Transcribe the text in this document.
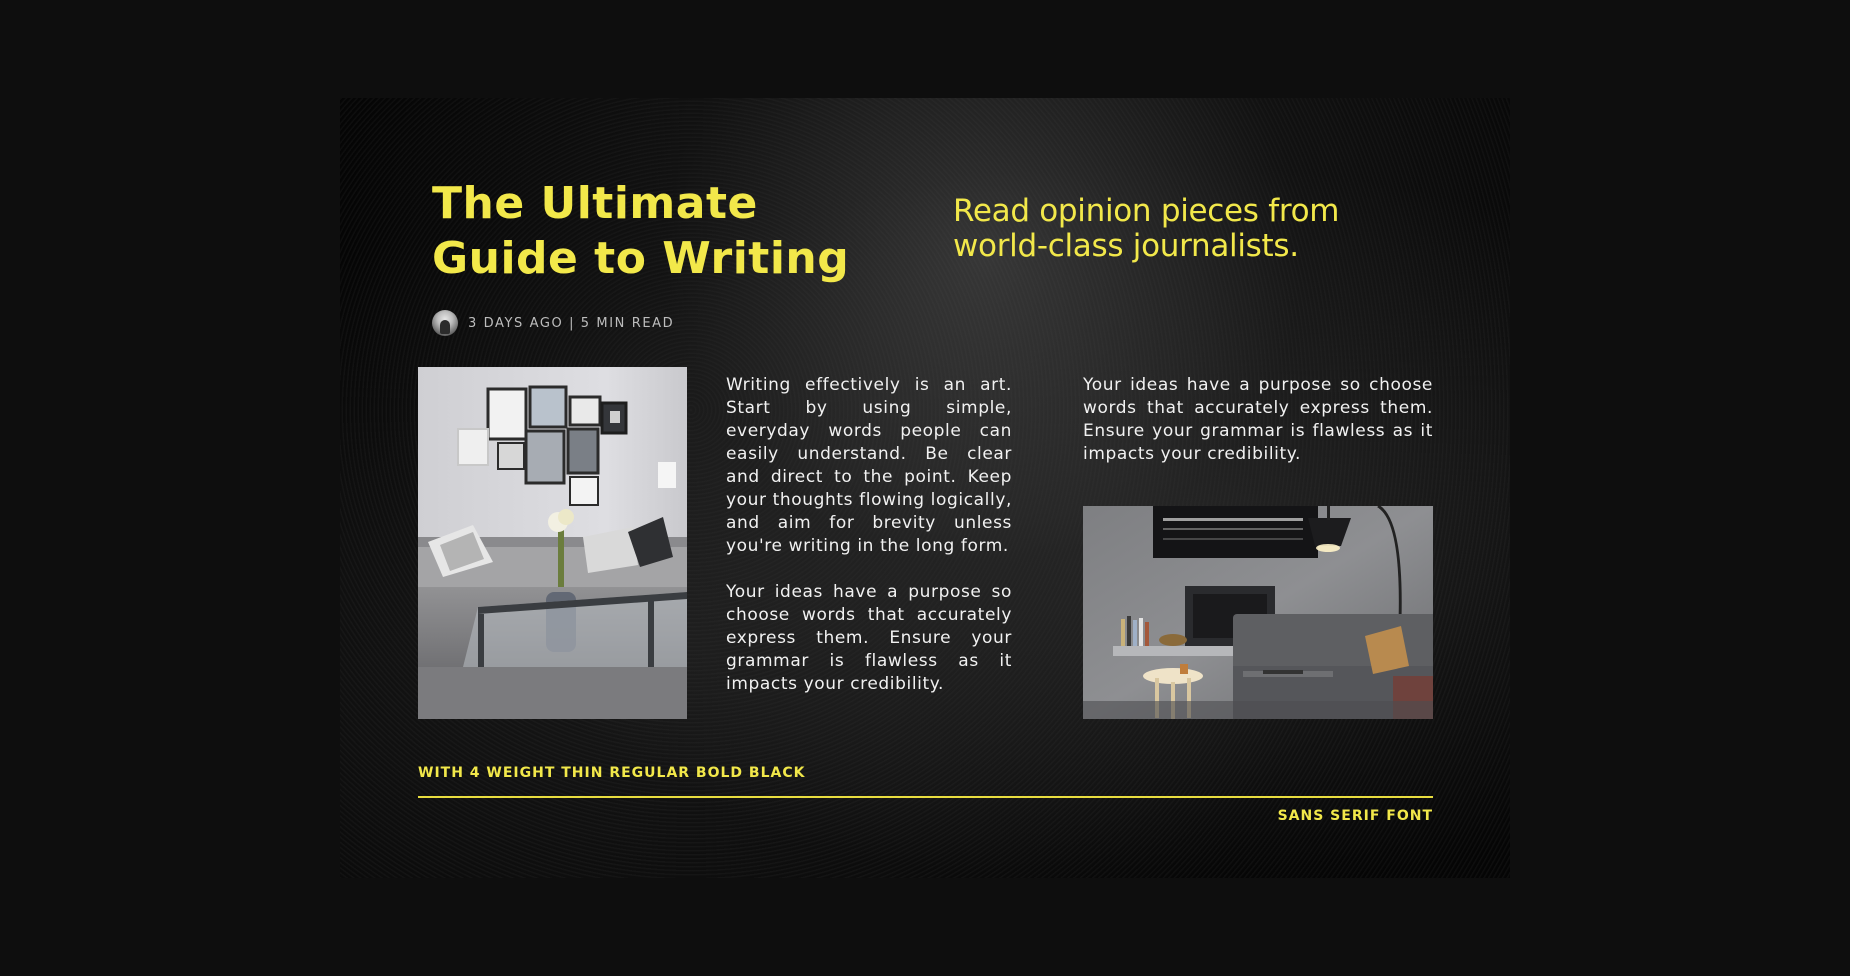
The Ultimate
Guide to Writing

Read opinion pieces from
world-class journalists.

3 DAYS AGO | 5 MIN READ

Writing effectively is an art. Start by using simple, everyday words people can easily understand. Be clear and direct to the point. Keep your thoughts flowing logically, and aim for brevity unless you're writing in the long form.

Your ideas have a purpose so choose words that accurately express them. Ensure your grammar is flawless as it impacts your credibility.

Your ideas have a purpose so choose words that accurately express them. Ensure your grammar is flawless as it impacts your credibility.

WITH 4 WEIGHT THIN REGULAR BOLD BLACK
SANS SERIF FONT
